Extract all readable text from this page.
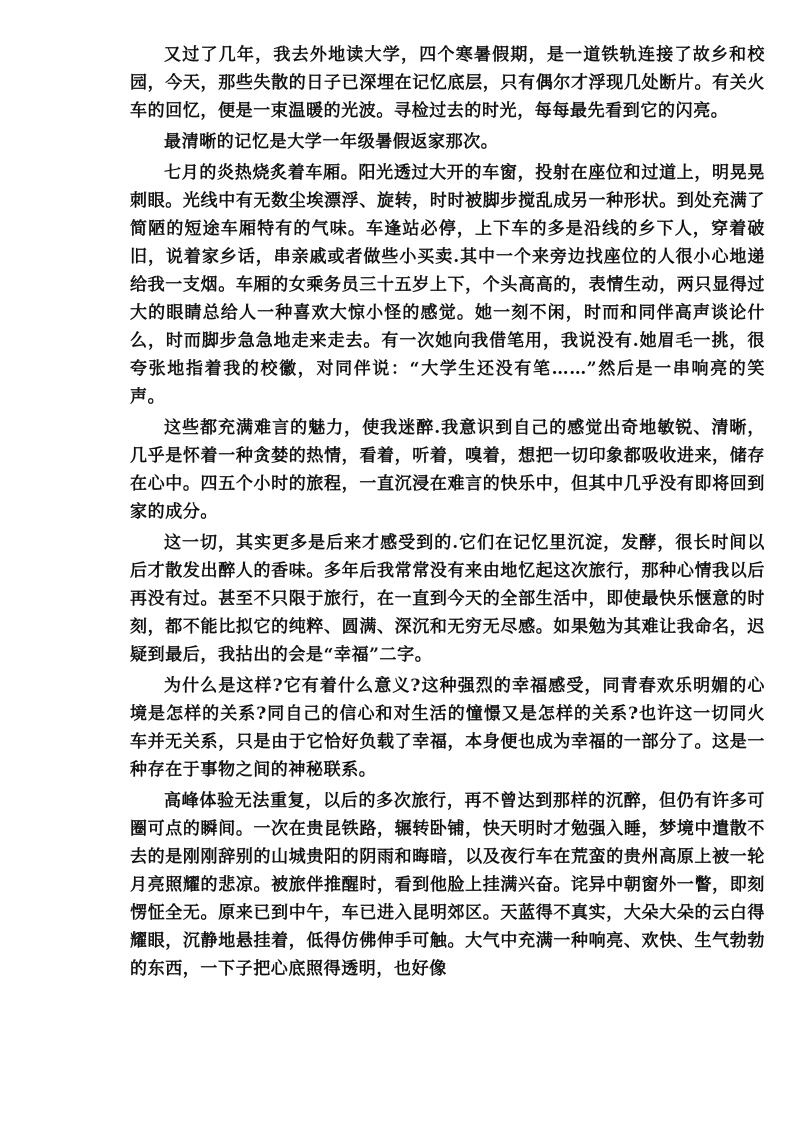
又过了几年，我去外地读大学，四个寒暑假期，是一道铁轨连接了故乡和校园，今天，那些失散的日子已深埋在记忆底层，只有偶尔才浮现几处断片。有关火车的回忆，便是一束温暖的光波。寻检过去的时光，每每最先看到它的闪亮。

最清晰的记忆是大学一年级暑假返家那次。

七月的炎热烧炙着车厢。阳光透过大开的车窗，投射在座位和过道上，明晃晃刺眼。光线中有无数尘埃漂浮、旋转，时时被脚步搅乱成另一种形状。到处充满了简陋的短途车厢特有的气味。车逢站必停，上下车的多是沿线的乡下人，穿着破旧，说着家乡话，串亲戚或者做些小买卖.其中一个来旁边找座位的人很小心地递给我一支烟。车厢的女乘务员三十五岁上下，个头高高的，表情生动，两只显得过大的眼睛总给人一种喜欢大惊小怪的感觉。她一刻不闲，时而和同伴高声谈论什么，时而脚步急急地走来走去。有一次她向我借笔用，我说没有.她眉毛一挑，很夸张地指着我的校徽，对同伴说：“大学生还没有笔……”然后是一串响亮的笑声。

这些都充满难言的魅力，使我迷醉.我意识到自己的感觉出奇地敏锐、清晰，几乎是怀着一种贪婪的热情，看着，听着，嗅着，想把一切印象都吸收进来，储存在心中。四五个小时的旅程，一直沉浸在难言的快乐中，但其中几乎没有即将回到家的成分。

这一切，其实更多是后来才感受到的.它们在记忆里沉淀，发酵，很长时间以后才散发出醉人的香味。多年后我常常没有来由地忆起这次旅行，那种心情我以后再没有过。甚至不只限于旅行，在一直到今天的全部生活中，即使最快乐惬意的时刻，都不能比拟它的纯粹、圆满、深沉和无穷无尽感。如果勉为其难让我命名，迟疑到最后，我拈出的会是“幸福”二字。

为什么是这样?它有着什么意义?这种强烈的幸福感受，同青春欢乐明媚的心境是怎样的关系?同自己的信心和对生活的憧憬又是怎样的关系?也许这一切同火车并无关系，只是由于它恰好负载了幸福，本身便也成为幸福的一部分了。这是一种存在于事物之间的神秘联系。

高峰体验无法重复，以后的多次旅行，再不曾达到那样的沉醉，但仍有许多可圈可点的瞬间。一次在贵昆铁路，辗转卧铺，快天明时才勉强入睡，梦境中遣散不去的是刚刚辞别的山城贵阳的阴雨和晦暗，以及夜行车在荒蛮的贵州高原上被一轮月亮照耀的悲凉。被旅伴推醒时，看到他脸上挂满兴奋。诧异中朝窗外一瞥，即刻愣怔全无。原来已到中午，车已进入昆明郊区。天蓝得不真实，大朵大朵的云白得耀眼，沉静地悬挂着，低得仿佛伸手可触。大气中充满一种响亮、欢快、生气勃勃的东西，一下子把心底照得透明，也好像
